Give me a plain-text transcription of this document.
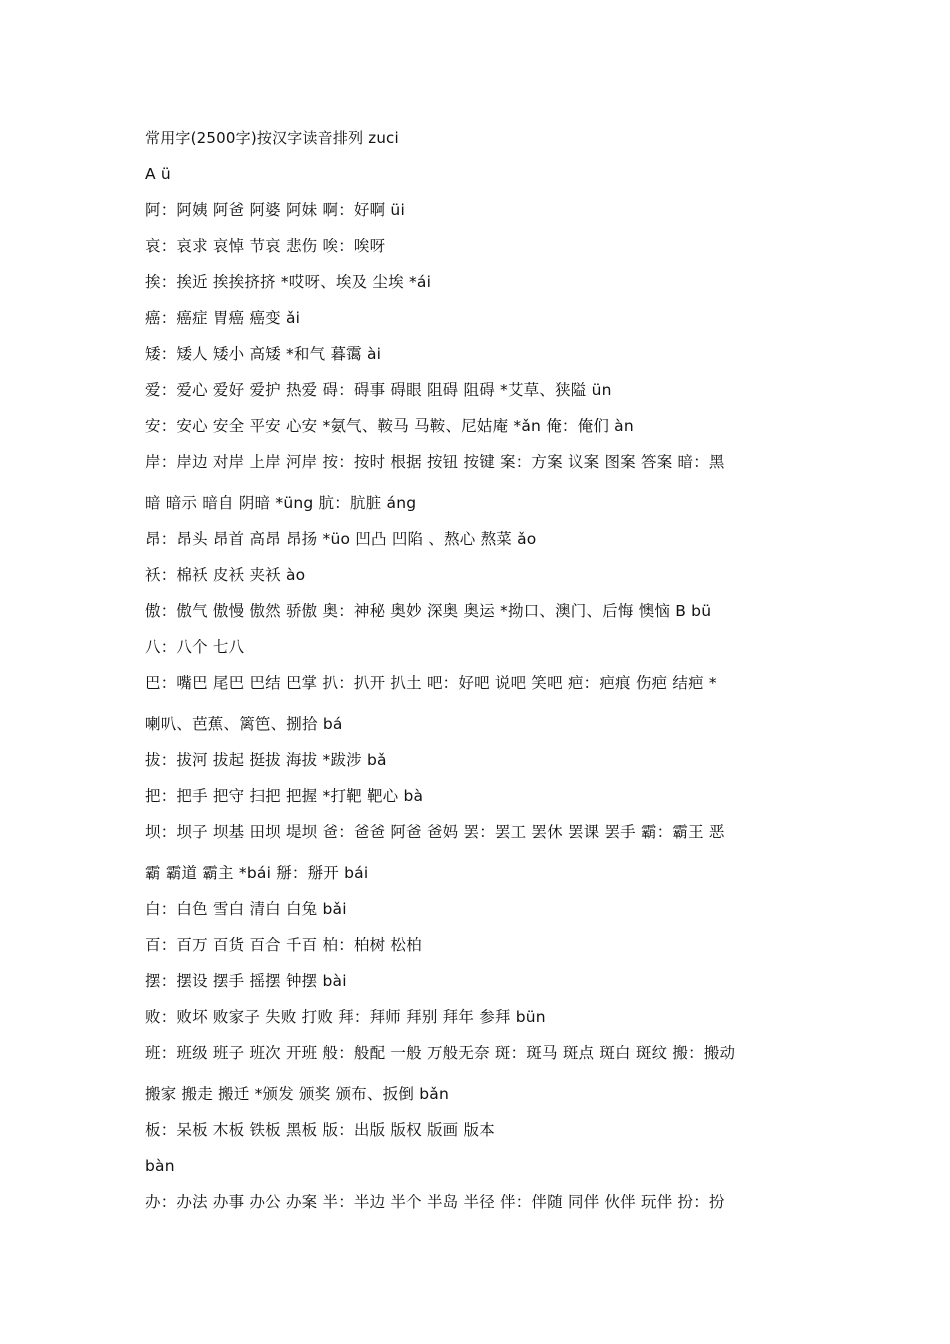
常用字(2500字)按汉字读音排列 zuci
A ü
阿：阿姨 阿爸 阿婆 阿妹 啊：好啊 üi
哀：哀求 哀悼 节哀 悲伤 唉：唉呀
挨：挨近 挨挨挤挤 *哎呀、埃及 尘埃 *ái
癌：癌症 胃癌 癌变 ǎi
矮：矮人 矮小 高矮 *和气 暮霭 ài
爱：爱心 爱好 爱护 热爱 碍：碍事 碍眼 阻碍 阻碍 *艾草、狭隘 ün
安：安心 安全 平安 心安 *氨气、鞍马 马鞍、尼姑庵 *ǎn 俺：俺们 àn
岸：岸边 对岸 上岸 河岸 按：按时 根据 按钮 按键 案：方案 议案 图案 答案 暗：黑
暗 暗示 暗自 阴暗 *üng 肮：肮脏 áng
昂：昂头 昂首 高昂 昂扬 *üo 凹凸 凹陷 、熬心 熬菜 ǎo
袄：棉袄 皮袄 夹袄 ào
傲：傲气 傲慢 傲然 骄傲 奥：神秘 奥妙 深奥 奥运 *拗口、澳门、后悔 懊恼 B bü
八：八个 七八
巴：嘴巴 尾巴 巴结 巴掌 扒：扒开 扒土 吧：好吧 说吧 笑吧 疤：疤痕 伤疤 结疤 *
喇叭、芭蕉、篱笆、捌拾 bá
拔：拔河 拔起 挺拔 海拔 *跋涉 bǎ
把：把手 把守 扫把 把握 *打靶 靶心 bà
坝：坝子 坝基 田坝 堤坝 爸：爸爸 阿爸 爸妈 罢：罢工 罢休 罢课 罢手 霸：霸王 恶
霸 霸道 霸主 *bái 掰：掰开 bái
白：白色 雪白 清白 白兔 bǎi
百：百万 百货 百合 千百 柏：柏树 松柏
摆：摆设 摆手 摇摆 钟摆 bài
败：败坏 败家子 失败 打败 拜：拜师 拜别 拜年 参拜 bün
班：班级 班子 班次 开班 般：般配 一般 万般无奈 斑：斑马 斑点 斑白 斑纹 搬：搬动
搬家 搬走 搬迁 *颁发 颁奖 颁布、扳倒 bǎn
板：呆板 木板 铁板 黑板 版：出版 版权 版画 版本
bàn
办：办法 办事 办公 办案 半：半边 半个 半岛 半径 伴：伴随 同伴 伙伴 玩伴 扮：扮
